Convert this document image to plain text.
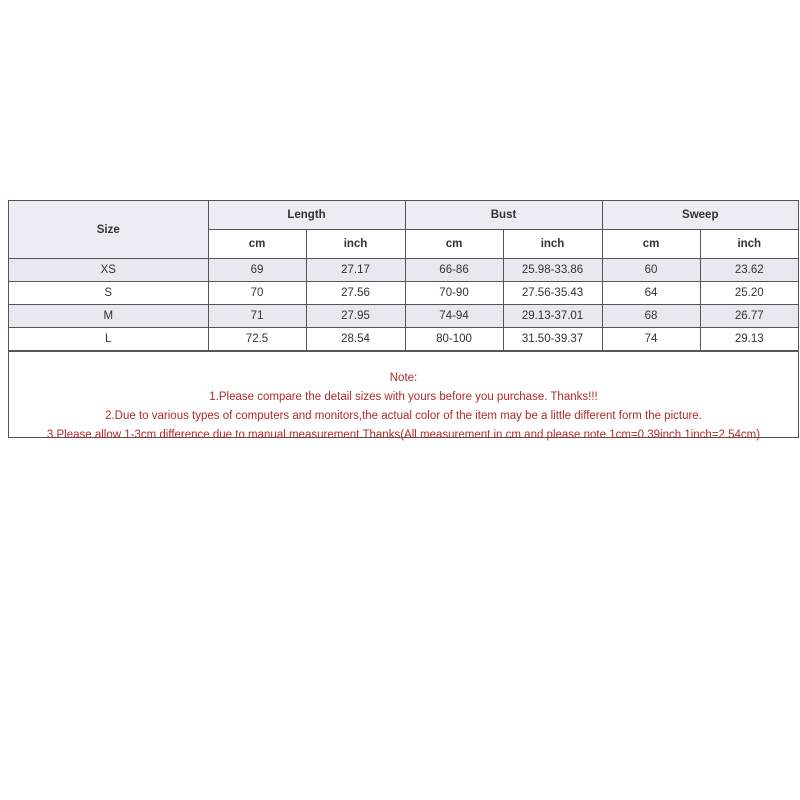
Size	Length		Bust		Sweep	
	cm	inch	cm	inch	cm	inch
XS	69	27.17	66-86	25.98-33.86	60	23.62
S	70	27.56	70-90	27.56-35.43	64	25.20
M	71	27.95	74-94	29.13-37.01	68	26.77
L	72.5	28.54	80-100	31.50-39.37	74	29.13
Note:
1.Please compare the detail sizes with yours before you purchase. Thanks!!!
2.Due to various types of computers and monitors,the actual color of the item may be a little different form the picture.
3.Please allow 1-3cm difference due to manual measurement.Thanks(All measurement in cm and please note 1cm=0.39inch 1inch=2.54cm)
